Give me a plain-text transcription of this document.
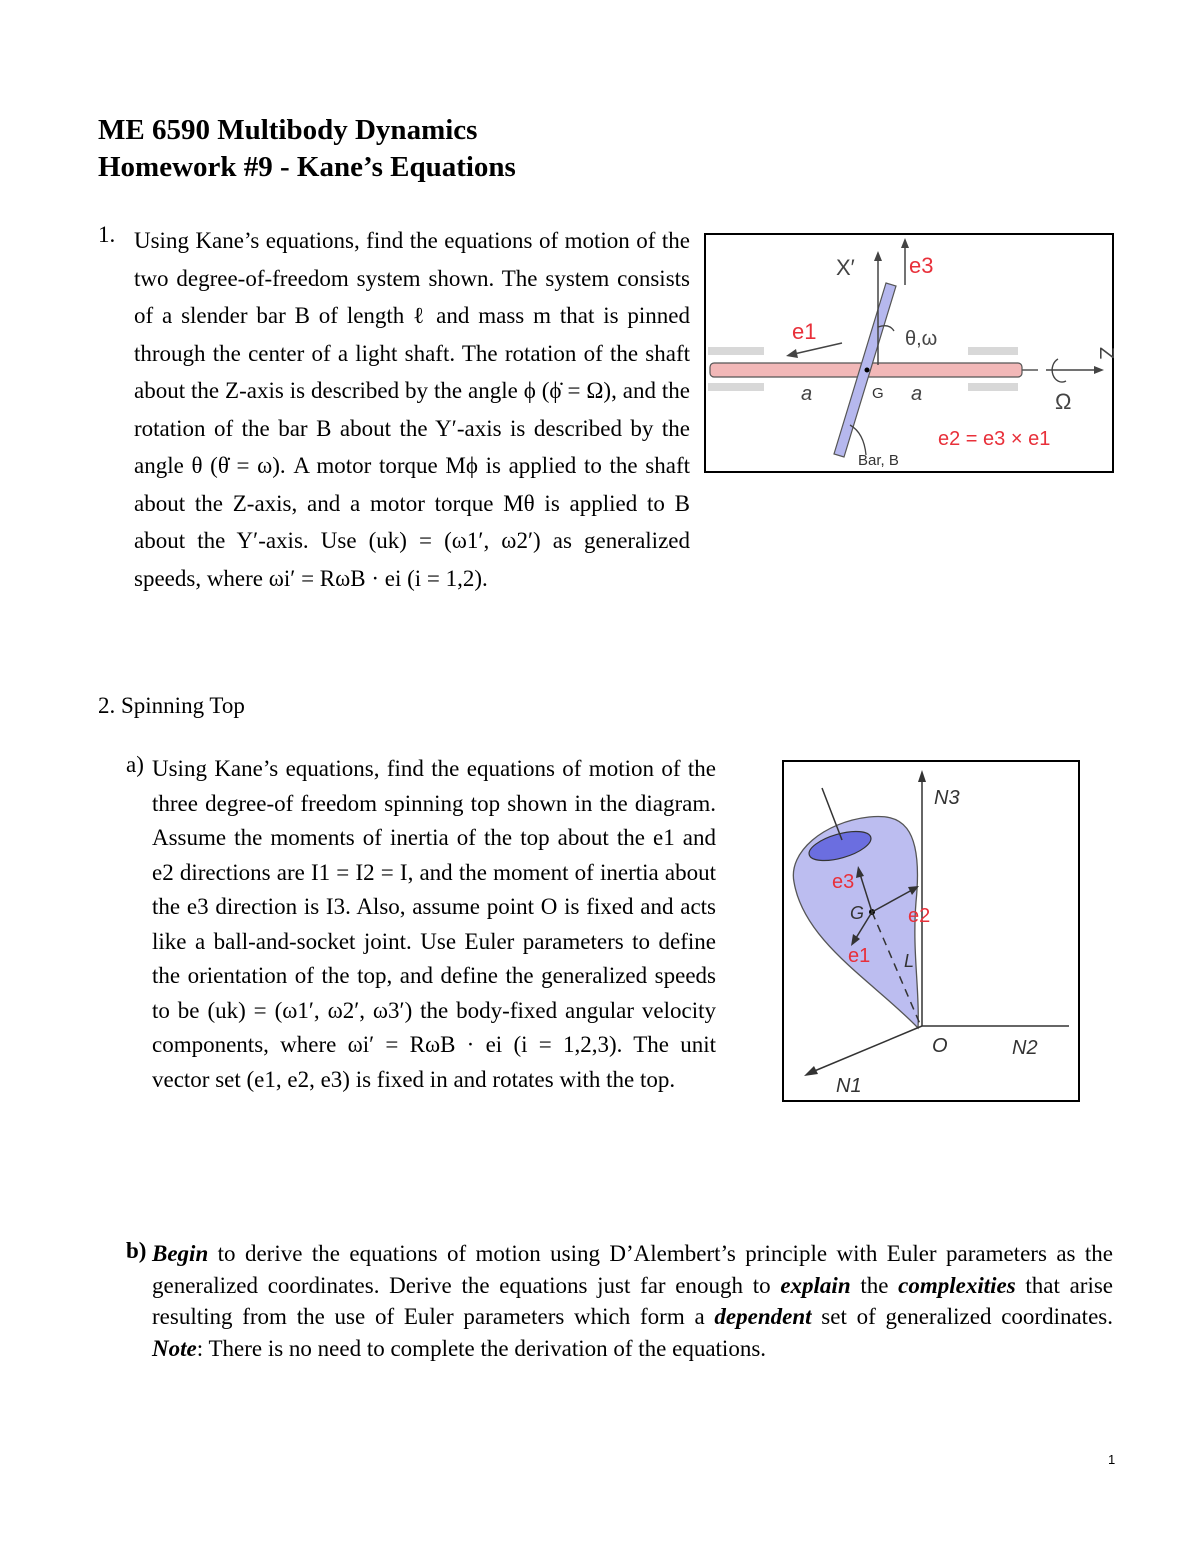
ME 6590 Multibody Dynamics
Homework #9 - Kane’s Equations
1. Using Kane’s equations, find the equations of motion of the two degree-of-freedom system shown. The system consists of a slender bar B of length ℓ and mass m that is pinned through the center of a light shaft. The rotation of the shaft about the Z-axis is described by the angle ϕ (ϕ̇ = Ω), and the rotation of the bar B about the Y′-axis is described by the angle θ (θ̇ = ω). A motor torque Mϕ is applied to the shaft about the Z-axis, and a motor torque Mθ is applied to B about the Y′-axis. Use (uk) = (ω1′, ω2′) as generalized speeds, where ωi′ = RωB · ei (i = 1,2).
X′ e3
e1	θ,ω
Z
Ω
a	G a
Bar, B
e2 = e3 × e1
2. Spinning Top
a) Using Kane’s equations, find the equations of motion of the three degree-of freedom spinning top shown in the diagram. Assume the moments of inertia of the top about the e1 and e2 directions are I1 = I2 = I, and the moment of inertia about the e3 direction is I3. Also, assume point O is fixed and acts like a ball-and-socket joint. Use Euler parameters to define the orientation of the top, and define the generalized speeds to be (uk) = (ω1′, ω2′, ω3′) the body-fixed angular velocity components, where ωi′ = RωB · ei (i = 1,2,3). The unit vector set (e1, e2, e3) is fixed in and rotates with the top.
N3
N2
N1
O
G
L
e3
e2
e1
b) Begin to derive the equations of motion using D’Alembert’s principle with Euler parameters as the generalized coordinates. Derive the equations just far enough to explain the complexities that arise resulting from the use of Euler parameters which form a dependent set of generalized coordinates. Note: There is no need to complete the derivation of the equations.
1
